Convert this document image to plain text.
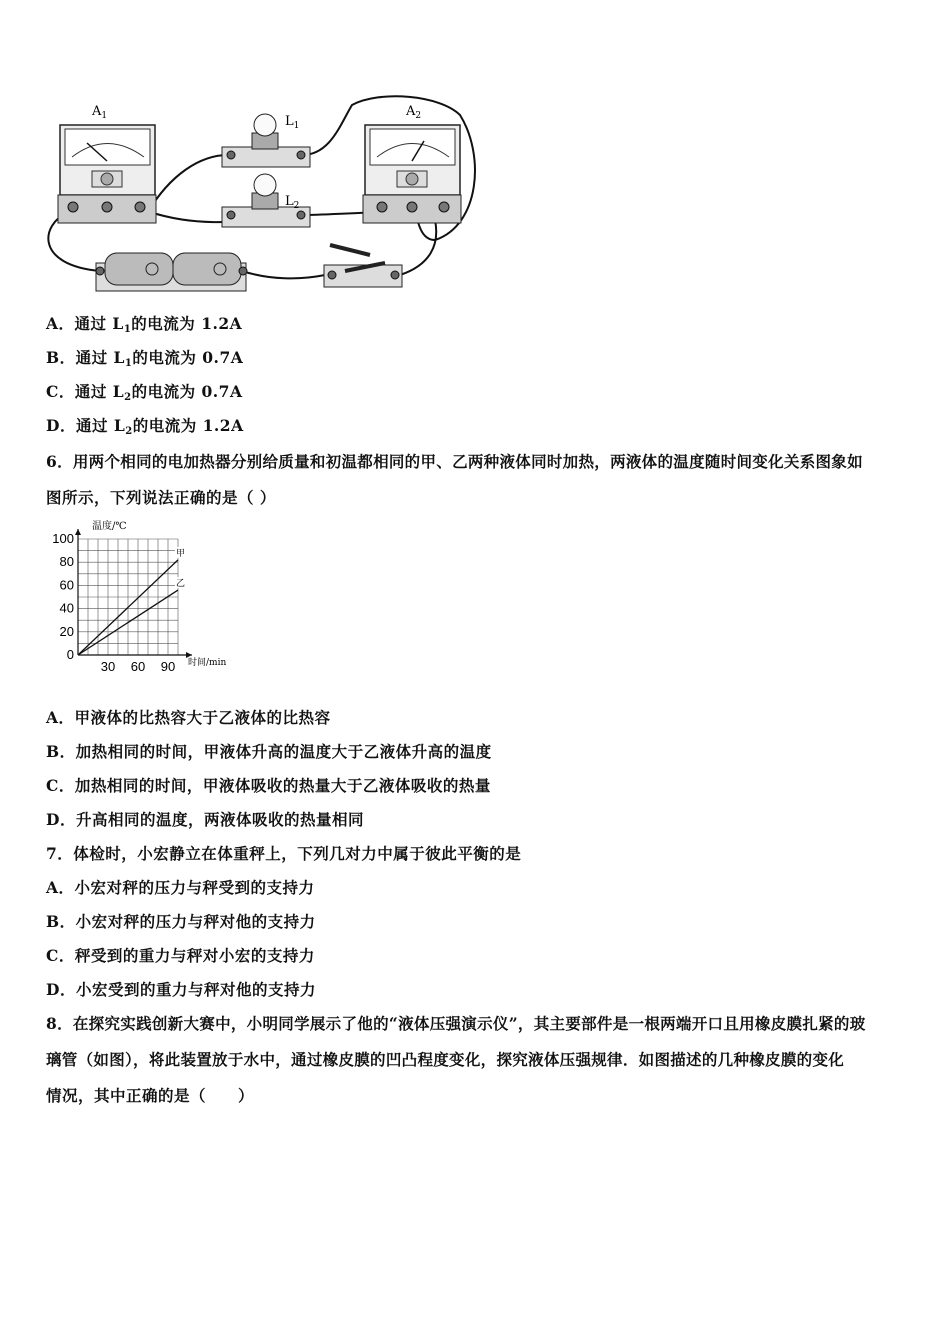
$A_1$	$L_1$
$L_2$
$A_2$
A．通过 $L_1$的电流为 1.2A
B．通过 $L_1$的电流为 0.7A
C．通过 $L_2$的电流为 0.7A
D．通过 $L_2$的电流为 1.2A
6．用两个相同的电加热器分别给质量和初温都相同的甲、乙两种液体同时加热，两液体的温度随时间变化关系图象如
图所示，下列说法正确的是（ ）
0
20
40
60
80
100
30 60 90
甲
乙
温度/℃
时间/min
A．甲液体的比热容大于乙液体的比热容
B．加热相同的时间，甲液体升高的温度大于乙液体升高的温度
C．加热相同的时间，甲液体吸收的热量大于乙液体吸收的热量
D．升高相同的温度，两液体吸收的热量相同
7．体检时，小宏静立在体重秤上，下列几对力中属于彼此平衡的是
A．小宏对秤的压力与秤受到的支持力
B．小宏对秤的压力与秤对他的支持力
C．秤受到的重力与秤对小宏的支持力
D．小宏受到的重力与秤对他的支持力
8．在探究实践创新大赛中，小明同学展示了他的“液体压强演示仪”，其主要部件是一根两端开口且用橡皮膜扎紧的玻
璃管（如图），将此装置放于水中，通过橡皮膜的凹凸程度变化，探究液体压强规律．如图描述的几种橡皮膜的变化
情况，其中正确的是（　　）
